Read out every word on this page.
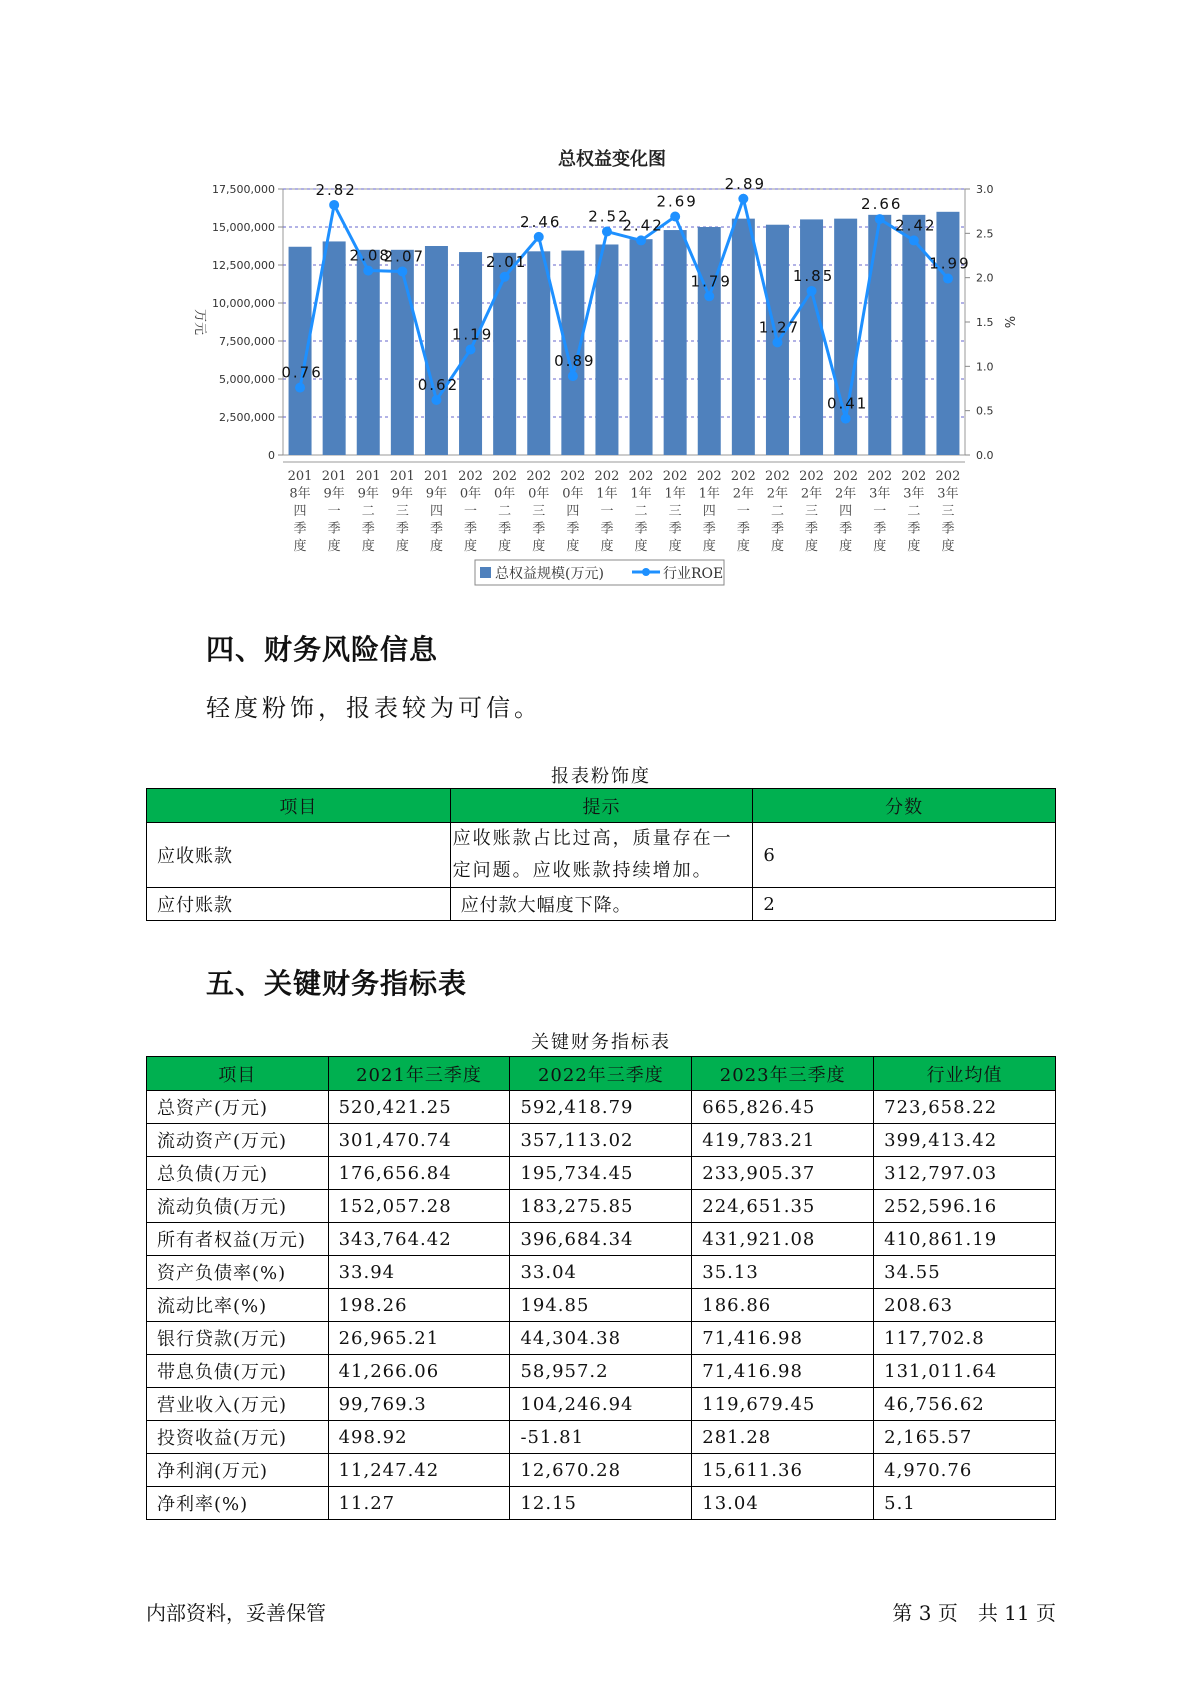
总权益变化图
0
2,500,000
5,000,000
7,500,000
10,000,000
12,500,000
15,000,000
17,500,000
0.0
0.5
1.0
1.5
2.0
2.5
3.0
万元	%
201 8年四季度
201 9年一季度
201 9年二季度
201 9年三季度
201 9年四季度
202 0年一季度
202 0年二季度
202 0年三季度
202 0年四季度
202 1年一季度
202 1年二季度
202 1年三季度
202 1年四季度
202 2年一季度
202 2年二季度
202 2年三季度
202 2年四季度
202 3年一季度
202 3年二季度
202 3年三季度
0.76
2.82
2.08
2.07
0.62
1.19
2.01
2.46
0.89
2.52
2.42
2.69
1.79
2.89
1.27
1.85
0.41
2.66
2.42
1.99
总权益规模(万元)	行业ROE
四、财务风险信息
轻度粉饰，报表较为可信。
报表粉饰度
项目	提示	分数
应收账款	应收账款占比过高，质量存在一定问题。应收账款持续增加。	6
应付账款	应付款大幅度下降。	2
五、关键财务指标表
关键财务指标表
项目	2021年三季度	2022年三季度	2023年三季度	行业均值
总资产(万元)	520,421.25	592,418.79	665,826.45	723,658.22
流动资产(万元)	301,470.74	357,113.02	419,783.21	399,413.42
总负债(万元)	176,656.84	195,734.45	233,905.37	312,797.03
流动负债(万元)	152,057.28	183,275.85	224,651.35	252,596.16
所有者权益(万元)	343,764.42	396,684.34	431,921.08	410,861.19
资产负债率(%)	33.94	33.04	35.13	34.55
流动比率(%)	198.26	194.85	186.86	208.63
银行贷款(万元)	26,965.21	44,304.38	71,416.98	117,702.8
带息负债(万元)	41,266.06	58,957.2	71,416.98	131,011.64
营业收入(万元)	99,769.3	104,246.94	119,679.45	46,756.62
投资收益(万元)	498.92	-51.81	281.28	2,165.57
净利润(万元)	11,247.42	12,670.28	15,611.36	4,970.76
净利率(%)	11.27	12.15	13.04	5.1
内部资料，妥善保管	第 3 页　共 11 页
